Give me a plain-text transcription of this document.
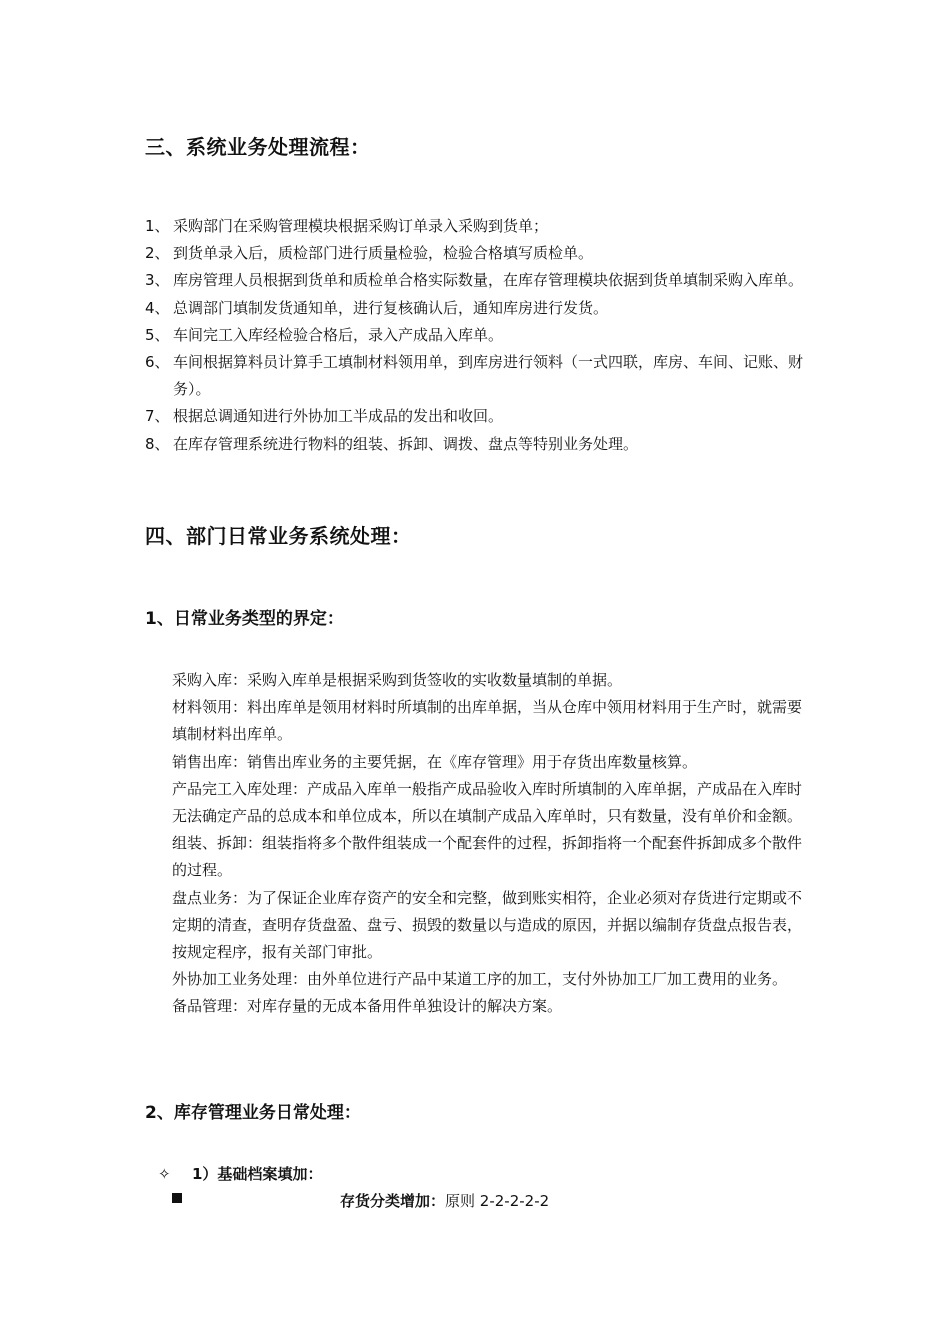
三、系统业务处理流程：
1、 采购部门在采购管理模块根据采购订单录入采购到货单；
2、 到货单录入后，质检部门进行质量检验，检验合格填写质检单。
3、 库房管理人员根据到货单和质检单合格实际数量，在库存管理模块依据到货单填制采购入库单。
4、 总调部门填制发货通知单，进行复核确认后，通知库房进行发货。
5、 车间完工入库经检验合格后，录入产成品入库单。
6、 车间根据算料员计算手工填制材料领用单，到库房进行领料（一式四联，库房、车间、记账、财务）。
7、 根据总调通知进行外协加工半成品的发出和收回。
8、 在库存管理系统进行物料的组装、拆卸、调拨、盘点等特别业务处理。
四、部门日常业务系统处理：
1、日常业务类型的界定：

采购入库：采购入库单是根据采购到货签收的实收数量填制的单据。

材料领用：料出库单是领用材料时所填制的出库单据，当从仓库中领用材料用于生产时，就需要填制材料出库单。

销售出库：销售出库业务的主要凭据，在《库存管理》用于存货出库数量核算。

产品完工入库处理：产成品入库单一般指产成品验收入库时所填制的入库单据，产成品在入库时无法确定产品的总成本和单位成本，所以在填制产成品入库单时，只有数量，没有单价和金额。

组装、拆卸：组装指将多个散件组装成一个配套件的过程，拆卸指将一个配套件拆卸成多个散件的过程。

盘点业务：为了保证企业库存资产的安全和完整，做到账实相符，企业必须对存货进行定期或不定期的清查，查明存货盘盈、盘亏、损毁的数量以与造成的原因，并据以编制存货盘点报告表，按规定程序，报有关部门审批。

外协加工业务处理：由外单位进行产品中某道工序的加工，支付外协加工厂加工费用的业务。

备品管理：对库存量的无成本备用件单独设计的解决方案。

2、库存管理业务日常处理：
✧ 1）基础档案填加：
存货分类增加：原则 2-2-2-2-2
